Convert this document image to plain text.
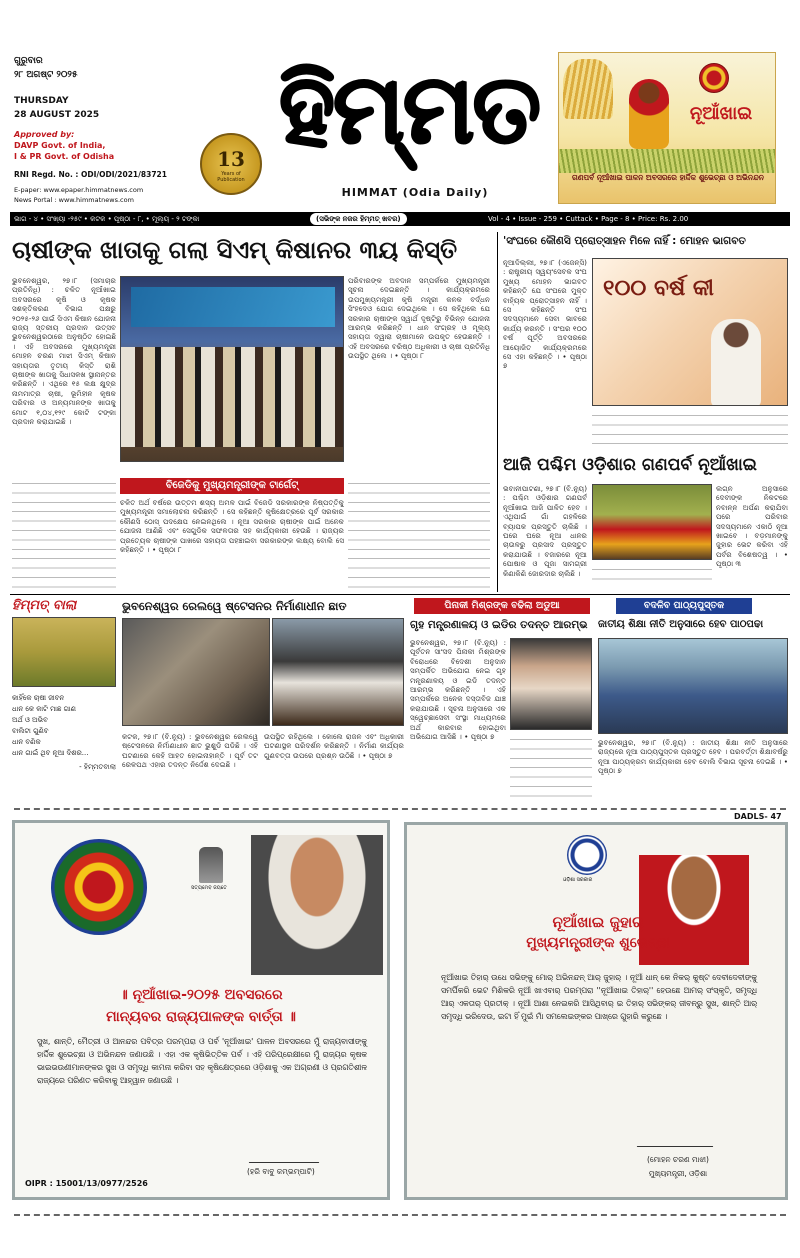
ଗୁରୁବାର
୨୮ ଅଗଷ୍ଟ ୨୦୨୫
THURSDAY
28 AUGUST 2025
Approved by:
DAVP Govt. of India,
I & PR Govt. of Odisha
RNI Regd. No. : ODI/ODI/2021/83721
E-paper: www.epaper.himmatnews.com
News Portal : www.himmatnews.com
13
Years of Publication
ହିମ୍ମତ
HIMMAT (Odia Daily)
ନୂଆଁଖାଇ
ଗଣପର୍ବ ନୂଆଁଖାଇ ପାଳନ ଅବସରରେ ହାର୍ଦ୍ଦିକ ଶୁଭେଚ୍ଛା ଓ ଅଭିନନ୍ଦନ
ଭାଗ - ୪ • ସଂଖ୍ୟା -୨୫୯ • କଟକ • ପୃଷ୍ଠା - ୮, • ମୂଲ୍ୟ - ୨ ଟଙ୍କା	(ସଭିଙ୍କ ନଜର ହିମ୍ମତ୍ ଖବର)	Vol - 4 • Issue - 259 • Cuttack • Page - 8 • Price: Rs. 2.00
ଚାଷୀଙ୍କ ଖାତାକୁ ଗଲା ସିଏମ୍ କିଷାନର ୩ୟ କିସ୍ତି
ଭୁବନେଶ୍ୱର, ୨୭।୮ (ସମାଚାର ପ୍ରତିନିଧି) : ଚଳିତ ନୂଆଁଖାଇ ଅବସରରେ କୃଷି ଓ କୃଷକ ସଶକ୍ତିକରଣ ବିଭାଗ ପକ୍ଷରୁ ୨୦୨୫-୨୬ ପାଇଁ ସିଏମ କିଷାନ ଯୋଜନା ରାଜ୍ୟ ସ୍ତରୀୟ ପ୍ରଦାନ ଉତ୍ସବ ଭୁବନେଶ୍ୱରଠାରେ ଅନୁଷ୍ଠିତ ହୋଇଛି । ଏହି ଅବସରରେ ମୁଖ୍ୟମନ୍ତ୍ରୀ ମୋହନ ଚରଣ ମାଝୀ ସିଏମ୍ କିଷାନ ସହାୟତାର ତୃତୀୟ କିସ୍ତି ରାଶି ଚାଷୀଙ୍କ ଖାତାକୁ ସିଧାସଳଖ ସ୍ଥାନାନ୍ତର କରିଛନ୍ତି । ଏଥିରେ ୧୫ ଲକ୍ଷ କ୍ଷୁଦ୍ର ନାମମାତ୍ର ଚାଷୀ, ଭୂମିହୀନ କୃଷକ ପରିବାର ଓ ଅନ୍ୟମାନଙ୍କ ଖାତାକୁ ମୋଟ ୧,୦୪,୧୨୯ କୋଟି ଟଙ୍କା ପ୍ରଦାନ କରାଯାଇଛି ।
ପରିବାରଙ୍କ ଅବଦାନ ସମ୍ପର୍କରେ ମୁଖ୍ୟମନ୍ତ୍ରୀ ସୂଚନା ଦେଇଛନ୍ତି । କାର୍ଯ୍ୟକ୍ରମରେ ଉପମୁଖ୍ୟମନ୍ତ୍ରୀ କୃଷି ମନ୍ତ୍ରୀ କନକ ବର୍ଦ୍ଧନ ସିଂହଦେଓ ଯୋଗ ଦେଇଥିଲେ । ସେ କହିଥିଲେ ଯେ ସରକାର ଚାଷୀଙ୍କ ସ୍ୱାର୍ଥ ଦୃଷ୍ଟିରୁ ବିଭିନ୍ନ ଯୋଜନା ଆରମ୍ଭ କରିଛନ୍ତି । ଧାନ ସଂଗ୍ରହ ଓ ମୂଲ୍ୟ ସହାୟତା ଦ୍ୱାରା ଚାଷୀମାନେ ଉପକୃତ ହେଉଛନ୍ତି । ଏହି ଅବସରରେ ବରିଷ୍ଠ ଅଧିକାରୀ ଓ ଚାଷୀ ପ୍ରତିନିଧି ଉପସ୍ଥିତ ଥିଲେ । • ପୃଷ୍ଠା ୮
ବିଜେଡିକୁ ମୁଖ୍ୟମନ୍ତ୍ରୀଙ୍କ ଟାର୍ଗେଟ୍
ଚଳିତ ଅର୍ଥ ବର୍ଷରେ ଉତ୍ତମ ଶସ୍ୟ ଅମଳ ପାଇଁ ବିଜେଡି ସରକାରଙ୍କ ନିଷ୍ପତ୍ତିକୁ ମୁଖ୍ୟମନ୍ତ୍ରୀ ସମାଲୋଚନା କରିଛନ୍ତି । ସେ କହିଛନ୍ତି କୃଷିକ୍ଷେତ୍ରରେ ପୂର୍ବ ସରକାର କୌଣସି ଠୋସ୍ ପଦକ୍ଷେପ ନେଇନଥିଲେ । ନୂଆ ସରକାର ଚାଷୀଙ୍କ ପାଇଁ ଅନେକ ଯୋଜନା ଆଣିଛି ଏବଂ ସେଗୁଡିକ ସଫଳତାର ସହ କାର୍ଯ୍ୟକାରୀ ହେଉଛି । ରାଜ୍ୟର ପ୍ରତ୍ୟେକ ଚାଷୀଙ୍କ ପାଖରେ ସହାୟତା ପହଞ୍ଚାଇବା ସରକାରଙ୍କ ଲକ୍ଷ୍ୟ ବୋଲି ସେ କହିଛନ୍ତି । • ପୃଷ୍ଠା ୮
'ସଂଘରେ କୌଣସି ପ୍ରୋତ୍ସାହନ ମିଳେ ନାହିଁ : ମୋହନ ଭାଗବତ
ନୂଆଦିଲ୍ଲୀ, ୨୭।୮ (ଏଜେନ୍ସି) : ରାଷ୍ଟ୍ରୀୟ ସ୍ୱୟଂସେବକ ସଂଘ ମୁଖ୍ୟ ମୋହନ ଭାଗବତ କହିଛନ୍ତି ଯେ ସଂଘରେ ମୁକ୍ତ ବାହ୍ୟିକ ପ୍ରୋତ୍ସାହନ ନାହିଁ । ସେ କହିଛନ୍ତି ସଂଘ ସଦସ୍ୟମାନେ ସେବା ଭାବରେ କାର୍ଯ୍ୟ କରନ୍ତି । ସଂଘର ୧୦୦ ବର୍ଷ ପୂର୍ତ୍ତି ଅବସରରେ ଆୟୋଜିତ କାର୍ଯ୍ୟକ୍ରମରେ ସେ ଏହା କହିଛନ୍ତି । • ପୃଷ୍ଠା ୭
୧୦୦ ବର୍ଷ କୀ
ଆଜି ପଶ୍ଚିମ ଓଡ଼ିଶାର ଗଣପର୍ବ ନୂଆଁଖାଇ
ଭବାନୀପାଟଣା, ୨୭।୮ (ବି.ନ୍ୟୁ) : ପଶ୍ଚିମ ଓଡ଼ିଶାର ଗଣପର୍ବ ନୂଆଁଖାଇ ଆଜି ପାଳିତ ହେବ । ଏଥିପାଇଁ ଗାଁ ଗହଳିରେ ବ୍ୟାପକ ପ୍ରସ୍ତୁତି ଚାଲିଛି । ଘରେ ଘରେ ନୂଆ ଧାନର ଚାଉଳରୁ ପ୍ରସାଦ ପ୍ରସ୍ତୁତ କରାଯାଉଛି । ବଜାରରେ ନୂଆ ପୋଷାକ ଓ ପୂଜା ସାମଗ୍ରୀ କିଣାକିଣି ଜୋରଦାର ଚାଲିଛି ।
ଲଗ୍ନ ଅନୁସାରେ ଦେବୀଙ୍କ ନିକଟରେ ନବାନ୍ନ ଅର୍ପଣ କରାଯିବା ପରେ ପରିବାର ସଦସ୍ୟମାନେ ଏକାଠି ନୂଆ ଖାଇବେ । ବଡ଼ମାନଙ୍କୁ ଜୁହାର ଭେଟ କରିବା ଏହି ପର୍ବର ବିଶେଷତ୍ୱ । • ପୃଷ୍ଠା ୩
ହିମ୍ମତ୍ ବାଲା
କାହିଁକେ ଚାଷୀ ଜୀବନ
ଧାନ କେ କାଟି ମାଛ ଗାଣ
ଅର୍ଥ ଓ ଅଭିବ
ବାଲିଟା ଗୁଣିବ
ଧାନ ବଣିକ
ଧାନ ଗାଇଁ ଥିବ ନୂଆ ଦିଶର...
- ହିମ୍ମତବାଲା
ଭୁବନେଶ୍ୱର ରେଲୱେ ଷ୍ଟେସନର ନିର୍ମାଣାଧୀନ ଛାତ
କଟକ, ୨୭।୮ (ବି.ନ୍ୟୁ) : ଭୁବନେଶ୍ୱର ରେଲୱେ ଷ୍ଟେସନରେ ନିର୍ମାଣାଧୀନ ଛାତ ଭୁଶୁଡି ପଡିଛି । ଏହି ଘଟଣାରେ କେହି ଆହତ ହୋଇନାହାନ୍ତି । ପୂର୍ବ ତଟ ରେଳପଥ ଏହାର ତଦନ୍ତ ନିର୍ଦ୍ଦେଶ ଦେଇଛି ।
ଉପସ୍ଥିତ ରହିଥିଲେ । କୋଲେ ରାଜନ ଏବଂ ଅଧିକାରୀ ଘଟଣାସ୍ଥଳ ପରିଦର୍ଶନ କରିଛନ୍ତି । ନିର୍ମାଣ କାର୍ଯ୍ୟର ଗୁଣବତ୍ତା ଉପରେ ପ୍ରଶ୍ନ ଉଠିଛି । • ପୃଷ୍ଠା ୭
ପିନାକୀ ମିଶ୍ରଙ୍କ ବଢିଲା ଅଡୁଆ
ଗୃହ ମନ୍ତ୍ରଣାଳୟ ଓ ଇଡିର ତଦନ୍ତ ଆରମ୍ଭ
ଭୁବନେଶ୍ୱର, ୨୭।୮ (ବି.ନ୍ୟୁ) : ପୂର୍ବତନ ସାଂସଦ ପିନାକୀ ମିଶ୍ରଙ୍କ ବିରୋଧରେ ବିଦେଶୀ ଅନୁଦାନ ସମ୍ପର୍କିତ ଅଭିଯୋଗ ନେଇ ଗୃହ ମନ୍ତ୍ରଣାଳୟ ଓ ଇଡି ତଦନ୍ତ ଆରମ୍ଭ କରିଛନ୍ତି । ଏହି ସମ୍ପର୍କରେ ଅନେକ ଦସ୍ତାବିଜ ଯାଞ୍ଚ କରାଯାଉଛି । ସୂଚନା ଅନୁସାରେ ଏକ ସ୍ୱେଚ୍ଛାସେବୀ ସଂସ୍ଥା ମାଧ୍ୟମରେ ଅର୍ଥ କାରବାର ହୋଇଥିବା ଅଭିଯୋଗ ଆସିଛି । • ପୃଷ୍ଠା ୭
ବଦଳିବ ପାଠ୍ୟପୁସ୍ତକ
ଜାତୀୟ ଶିକ୍ଷା ନୀତି ଅନୁସାରେ ହେବ ପାଠପଢା
ଭୁବନେଶ୍ୱର, ୨୭।୮ (ବି.ନ୍ୟୁ) : ଜାତୀୟ ଶିକ୍ଷା ନୀତି ଅନୁସାରେ ରାଜ୍ୟରେ ନୂଆ ପାଠ୍ୟପୁସ୍ତକ ପ୍ରସ୍ତୁତ ହେବ । ପରବର୍ତ୍ତୀ ଶିକ୍ଷାବର୍ଷରୁ ନୂଆ ପାଠ୍ୟକ୍ରମ କାର୍ଯ୍ୟକାରୀ ହେବ ବୋଲି ବିଭାଗ ସୂଚନା ଦେଇଛି । • ପୃଷ୍ଠା ୭
ସତ୍ୟମେବ ଜୟତେ
॥ ନୂଆଁଖାଇ-୨୦୨୫ ଅବସରରେ
ମାନ୍ୟବର ରାଜ୍ୟପାଳଙ୍କ ବାର୍ତ୍ତା ॥
ସୁଖ, ଶାନ୍ତି, ମୈତ୍ରୀ ଓ ଆନନ୍ଦର ପବିତ୍ର ପରମ୍ପରା ଓ ପର୍ବ 'ନୂଆଁଖାଇ' ପାଳନ ଅବସରରେ ମୁଁ ରାଜ୍ୟବାସୀଙ୍କୁ ହାର୍ଦ୍ଦିକ ଶୁଭେଚ୍ଛା ଓ ଅଭିନନ୍ଦନ ଜଣାଉଛି । ଏହା ଏକ କୃଷିଭିତ୍ତିକ ପର୍ବ । ଏହି ପରିପ୍ରେକ୍ଷୀରେ ମୁଁ ରାଜ୍ୟର କୃଷକ ଭାଇଭଉଣୀମାନଙ୍କର ସୁଖ ଓ ସମୃଦ୍ଧି କାମନା କରିବା ସହ କୃଷିକ୍ଷେତ୍ରରେ ଓଡ଼ିଶାକୁ ଏକ ଅଗ୍ରଣୀ ଓ ପ୍ରଗତିଶୀଳ ରାଜ୍ୟରେ ପରିଣତ କରିବାକୁ ଆହ୍ୱାନ ଜଣାଉଛି ।
(ହରି ବାବୁ କମ୍ଭମ୍ପାଟି)
OIPR : 15001/13/0977/2526
DADLS- 47
ଓଡ଼ିଶା ସରକାର
ନୂଆଁଖାଇ ଜୁହାର୍
ମୁଖ୍ୟମନ୍ତ୍ରୀଙ୍କ ଶୁଭେଚ୍ଛା
ନୂଆଁଖାଇ ତିହାର୍ ଉଧେ ସଭିଙ୍କୁ ମୋର୍ ଅଭିନନ୍ଦନ୍ ଆର୍ ଜୁହାର୍ । ନୂଆଁ ଧାନ୍ କେ ନିକର୍ କୁଷ୍ଟ ଦେବୀଦେବୀଙ୍କୁ ସମର୍ପିକରି ଭେଟ ମିଶିକରି ନୂଆଁ ଖାଏବାର୍ ପରମ୍ପରା ''ନୂଆଁଖାଇ ତିହାର୍'' ହେଉଛେ ଆମର୍ ସଂସ୍କୃତି, ସମୃଦ୍ଧି ଆର୍ ଏକତାର୍ ପ୍ରତୀକ୍ । ନୂଆଁ ଆଶା ନେଇକରି ଆସିଥିବାର୍ ଇ ତିହାର୍ ସଭିଙ୍କର୍ ଜୀବନ୍‌ରୁ ସୁଖ, ଶାନ୍ତି ଆର୍ ସମୃଦ୍ଧି ଭରିଦେଉ, ଇଟା ହିଁ ମୁଇଁ ମାଁ ସମଲେଇଙ୍କର ପାଖ୍‌ରେ ଗୁହାରି କରୁଛେ ।
(ମୋହନ ଚରଣ ମାଝୀ)
ମୁଖ୍ୟମନ୍ତ୍ରୀ, ଓଡ଼ିଶା
